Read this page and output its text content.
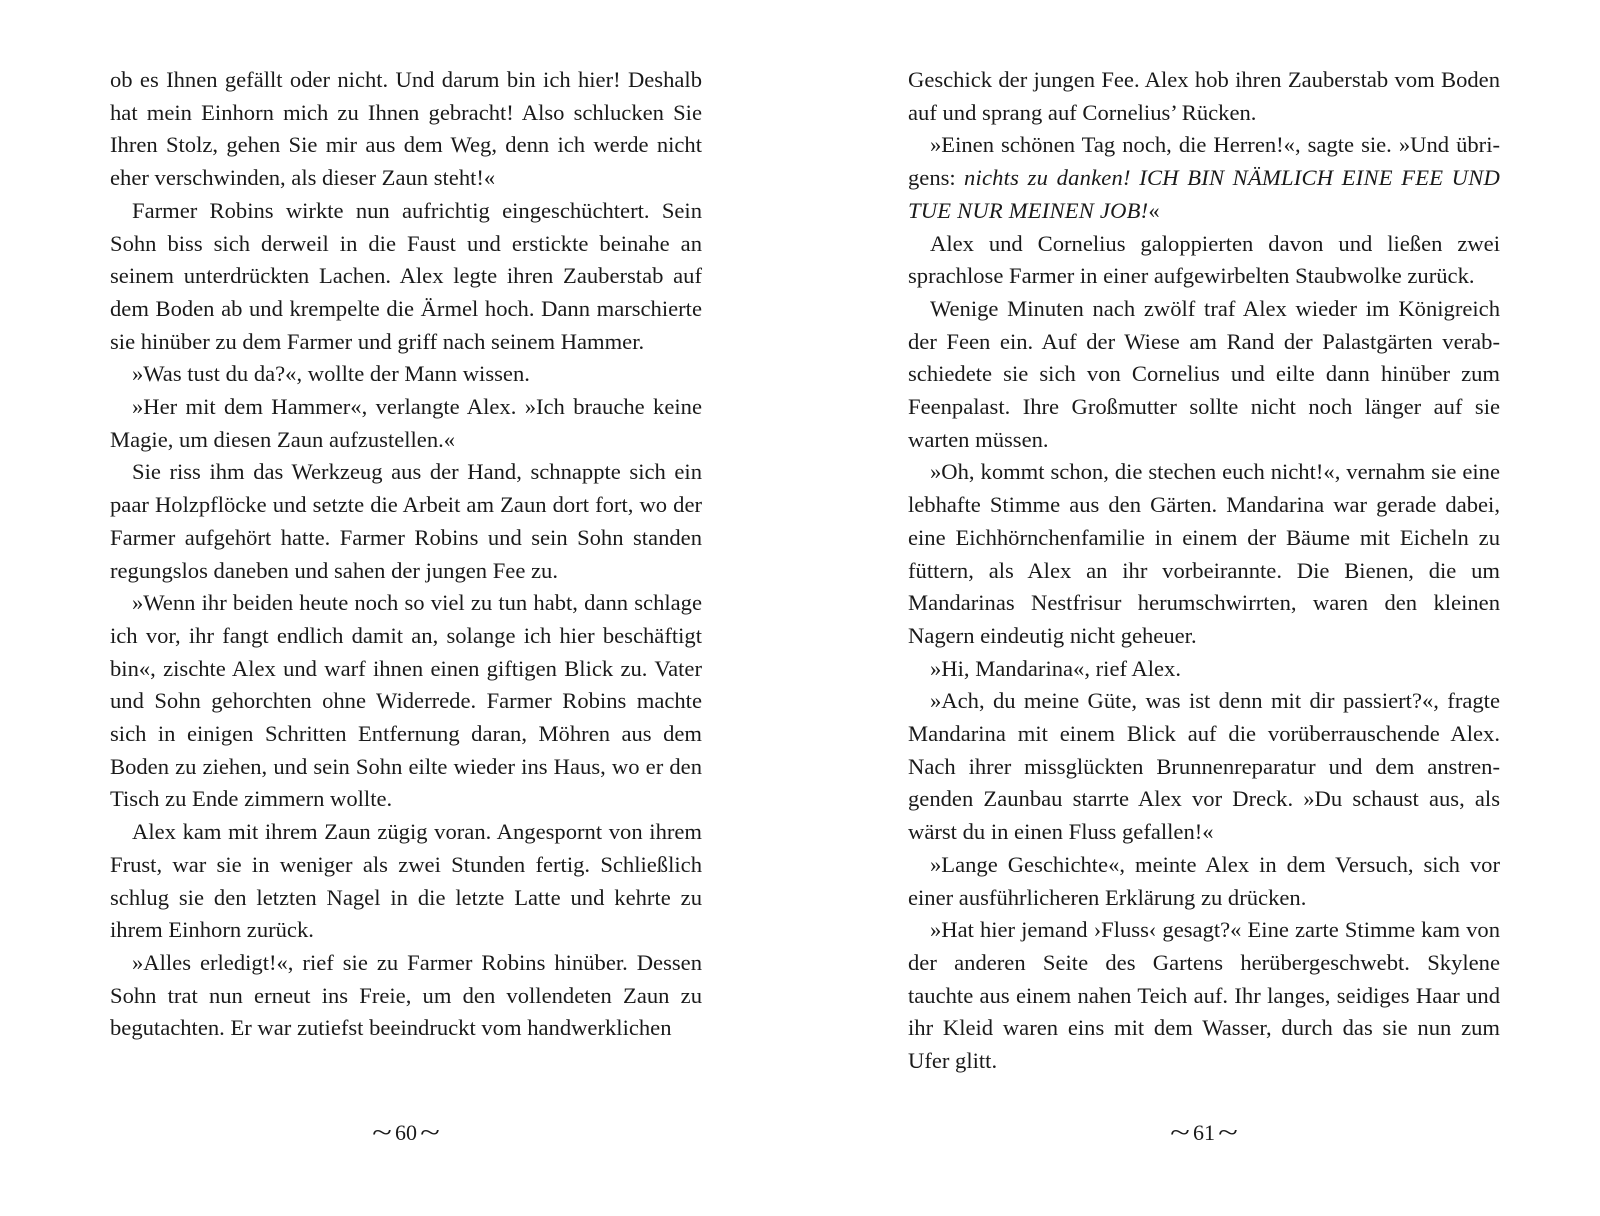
ob es Ihnen gefällt oder nicht. Und darum bin ich hier! Deshalb hat mein Einhorn mich zu Ihnen gebracht! Also schlucken Sie Ihren Stolz, gehen Sie mir aus dem Weg, denn ich werde nicht eher verschwinden, als dieser Zaun steht!«

Farmer Robins wirkte nun aufrichtig eingeschüchtert. Sein Sohn biss sich derweil in die Faust und erstickte beinahe an seinem unterdrückten Lachen. Alex legte ihren Zauberstab auf dem Boden ab und krempelte die Ärmel hoch. Dann marschierte sie hinüber zu dem Farmer und griff nach seinem Hammer.

»Was tust du da?«, wollte der Mann wissen.

»Her mit dem Hammer«, verlangte Alex. »Ich brauche keine Magie, um diesen Zaun aufzustellen.«

Sie riss ihm das Werkzeug aus der Hand, schnappte sich ein paar Holzpflöcke und setzte die Arbeit am Zaun dort fort, wo der Farmer aufgehört hatte. Farmer Robins und sein Sohn standen regungslos daneben und sahen der jungen Fee zu.

»Wenn ihr beiden heute noch so viel zu tun habt, dann schlage ich vor, ihr fangt endlich damit an, solange ich hier beschäftigt bin«, zischte Alex und warf ihnen einen giftigen Blick zu. Vater und Sohn gehorchten ohne Widerrede. Farmer Robins machte sich in einigen Schritten Entfernung daran, Möhren aus dem Boden zu ziehen, und sein Sohn eilte wieder ins Haus, wo er den Tisch zu Ende zimmern wollte.

Alex kam mit ihrem Zaun zügig voran. Angespornt von ihrem Frust, war sie in weniger als zwei Stunden fertig. Schließlich schlug sie den letzten Nagel in die letzte Latte und kehrte zu ihrem Einhorn zurück.

»Alles erledigt!«, rief sie zu Farmer Robins hinüber. Dessen Sohn trat nun erneut ins Freie, um den vollendeten Zaun zu begutachten. Er war zutiefst beeindruckt vom handwerklichen

~ 60 ~

Geschick der jungen Fee. Alex hob ihren Zauberstab vom Boden auf und sprang auf Cornelius’ Rücken.

»Einen schönen Tag noch, die Herren!«, sagte sie. »Und übrigens: nichts zu danken! ICH BIN NÄMLICH EINE FEE UND TUE NUR MEINEN JOB!«

Alex und Cornelius galoppierten davon und ließen zwei sprachlose Farmer in einer aufgewirbelten Staubwolke zurück.

Wenige Minuten nach zwölf traf Alex wieder im Königreich der Feen ein. Auf der Wiese am Rand der Palastgärten verabschiedete sie sich von Cornelius und eilte dann hinüber zum Feenpalast. Ihre Großmutter sollte nicht noch länger auf sie warten müssen.

»Oh, kommt schon, die stechen euch nicht!«, vernahm sie eine lebhafte Stimme aus den Gärten. Mandarina war gerade dabei, eine Eichhörnchenfamilie in einem der Bäume mit Eicheln zu füttern, als Alex an ihr vorbeirannte. Die Bienen, die um Mandarinas Nestfrisur herumschwirrten, waren den kleinen Nagern eindeutig nicht geheuer.

»Hi, Mandarina«, rief Alex.

»Ach, du meine Güte, was ist denn mit dir passiert?«, fragte Mandarina mit einem Blick auf die vorüberrauschende Alex. Nach ihrer missglückten Brunnenreparatur und dem anstrengenden Zaunbau starrte Alex vor Dreck. »Du schaust aus, als wärst du in einen Fluss gefallen!«

»Lange Geschichte«, meinte Alex in dem Versuch, sich vor einer ausführlicheren Erklärung zu drücken.

»Hat hier jemand ›Fluss‹ gesagt?« Eine zarte Stimme kam von der anderen Seite des Gartens herübergeschwebt. Skylene tauchte aus einem nahen Teich auf. Ihr langes, seidiges Haar und ihr Kleid waren eins mit dem Wasser, durch das sie nun zum Ufer glitt.

~ 61 ~
